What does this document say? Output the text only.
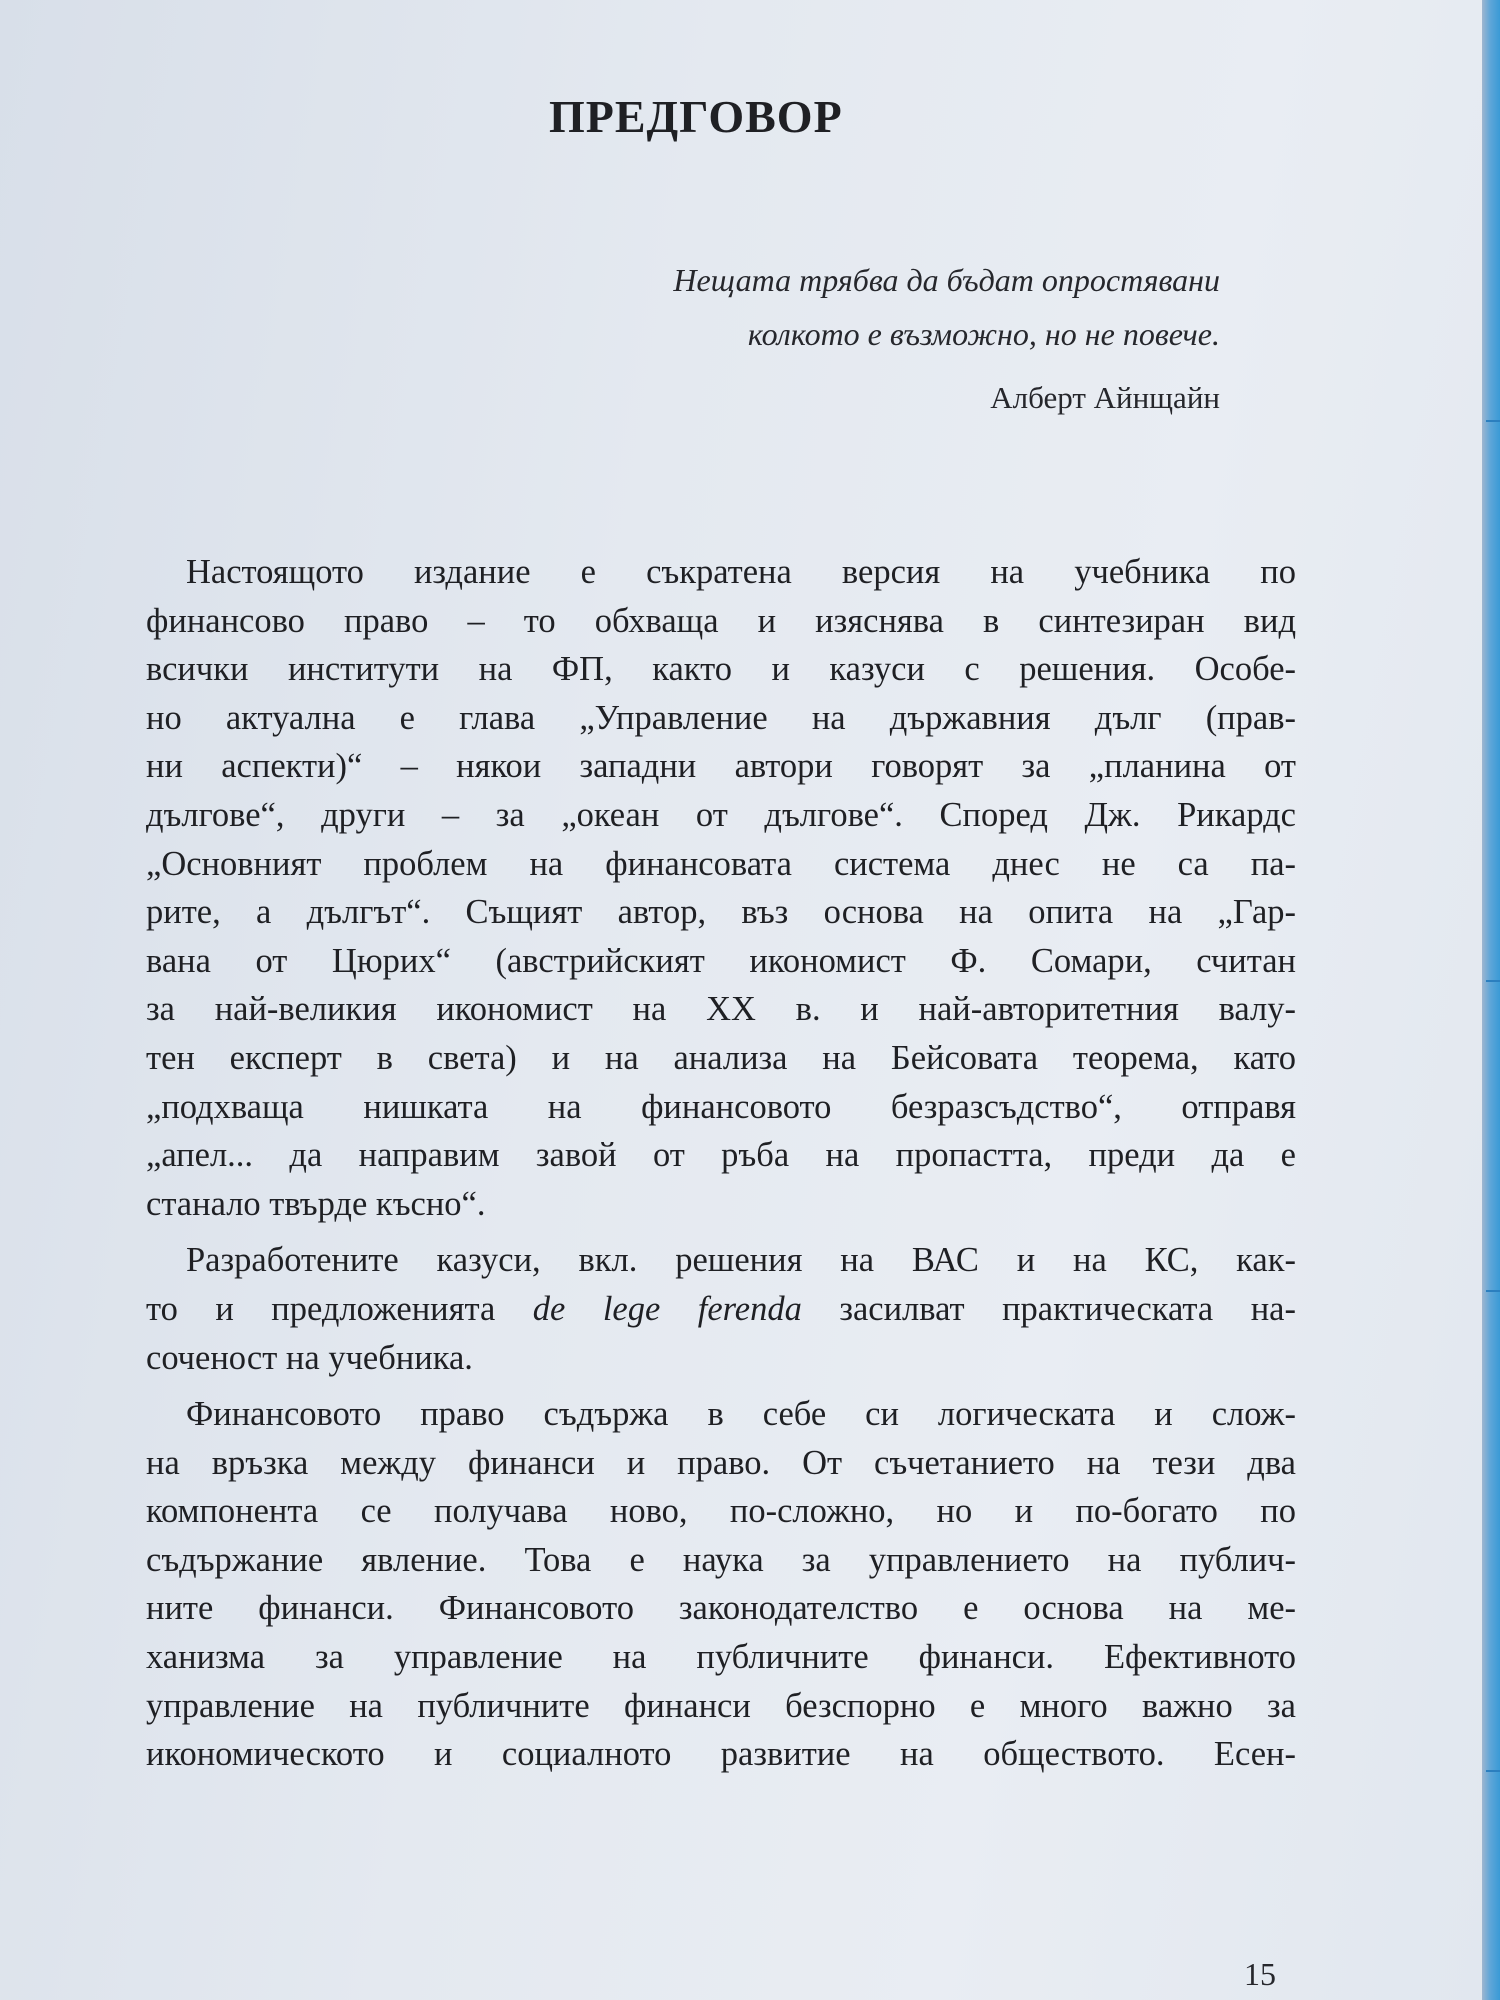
ПРЕДГОВОР
Нещата трябва да бъдат опростявани
колкото е възможно, но не повече.
Алберт Айнщайн
Настоящото издание е съкратена версия на учебника по
финансово право – то обхваща и изяснява в синтезиран вид
всички институти на ФП, както и казуси с решения. Особе-
но актуална е глава „Управление на държавния дълг (прав-
ни аспекти)“ – някои западни автори говорят за „планина от
дългове“, други – за „океан от дългове“. Според Дж. Рикардс
„Основният проблем на финансовата система днес не са па-
рите, а дългът“. Същият автор, въз основа на опита на „Гар-
вана от Цюрих“ (австрийският икономист Ф. Сомари, считан
за най-великия икономист на XX в. и най-авторитетния валу-
тен експерт в света) и на анализа на Бейсовата теорема, като
„подхваща нишката на финансовото безразсъдство“, отправя
„апел... да направим завой от ръба на пропастта, преди да е
станало твърде късно“.
Разработените казуси, вкл. решения на ВАС и на КС, как-
то и предложенията de lege ferenda засилват практическата на-
соченост на учебника.
Финансовото право съдържа в себе си логическата и слож-
на връзка между финанси и право. От съчетанието на тези два
компонента се получава ново, по-сложно, но и по-богато по
съдържание явление. Това е наука за управлението на публич-
ните финанси. Финансовото законодателство е основа на ме-
ханизма за управление на публичните финанси. Ефективното
управление на публичните финанси безспорно е много важно за
икономическото и социалното развитие на обществото. Есен-
15
